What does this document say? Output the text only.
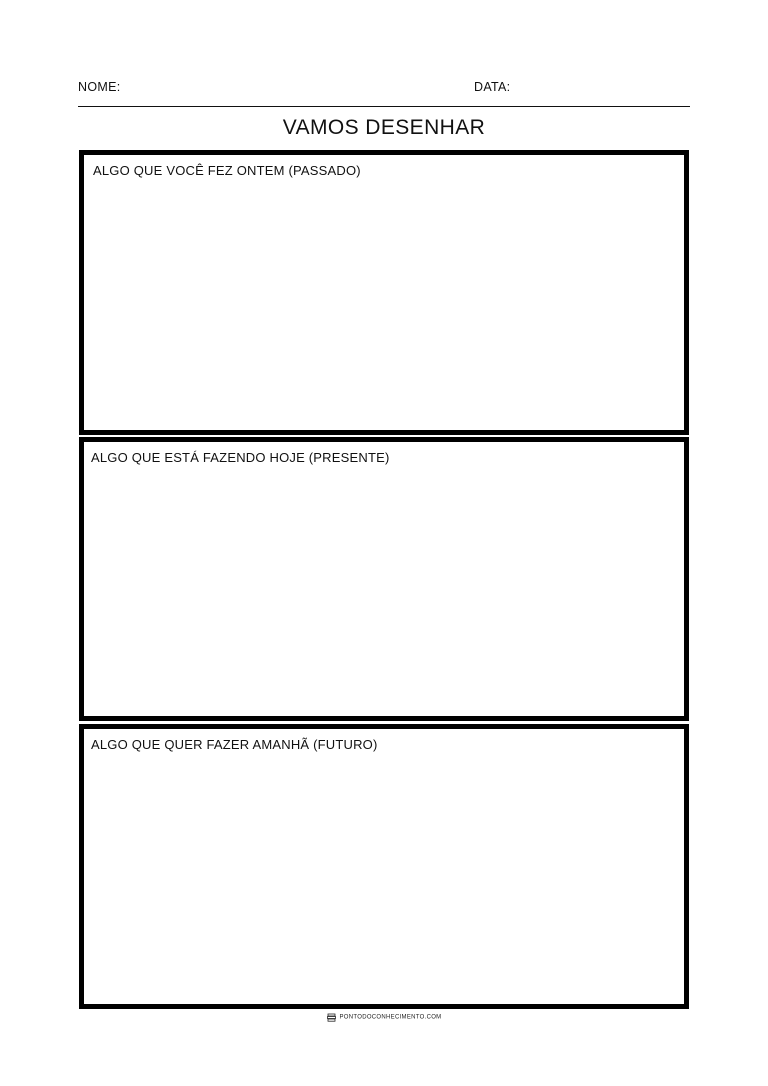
NOME:	DATA:
VAMOS DESENHAR
ALGO QUE VOCÊ FEZ ONTEM (PASSADO)
ALGO QUE ESTÁ FAZENDO HOJE (PRESENTE)
ALGO QUE QUER FAZER AMANHÃ (FUTURO)
PONTODOCONHECIMENTO.COM
